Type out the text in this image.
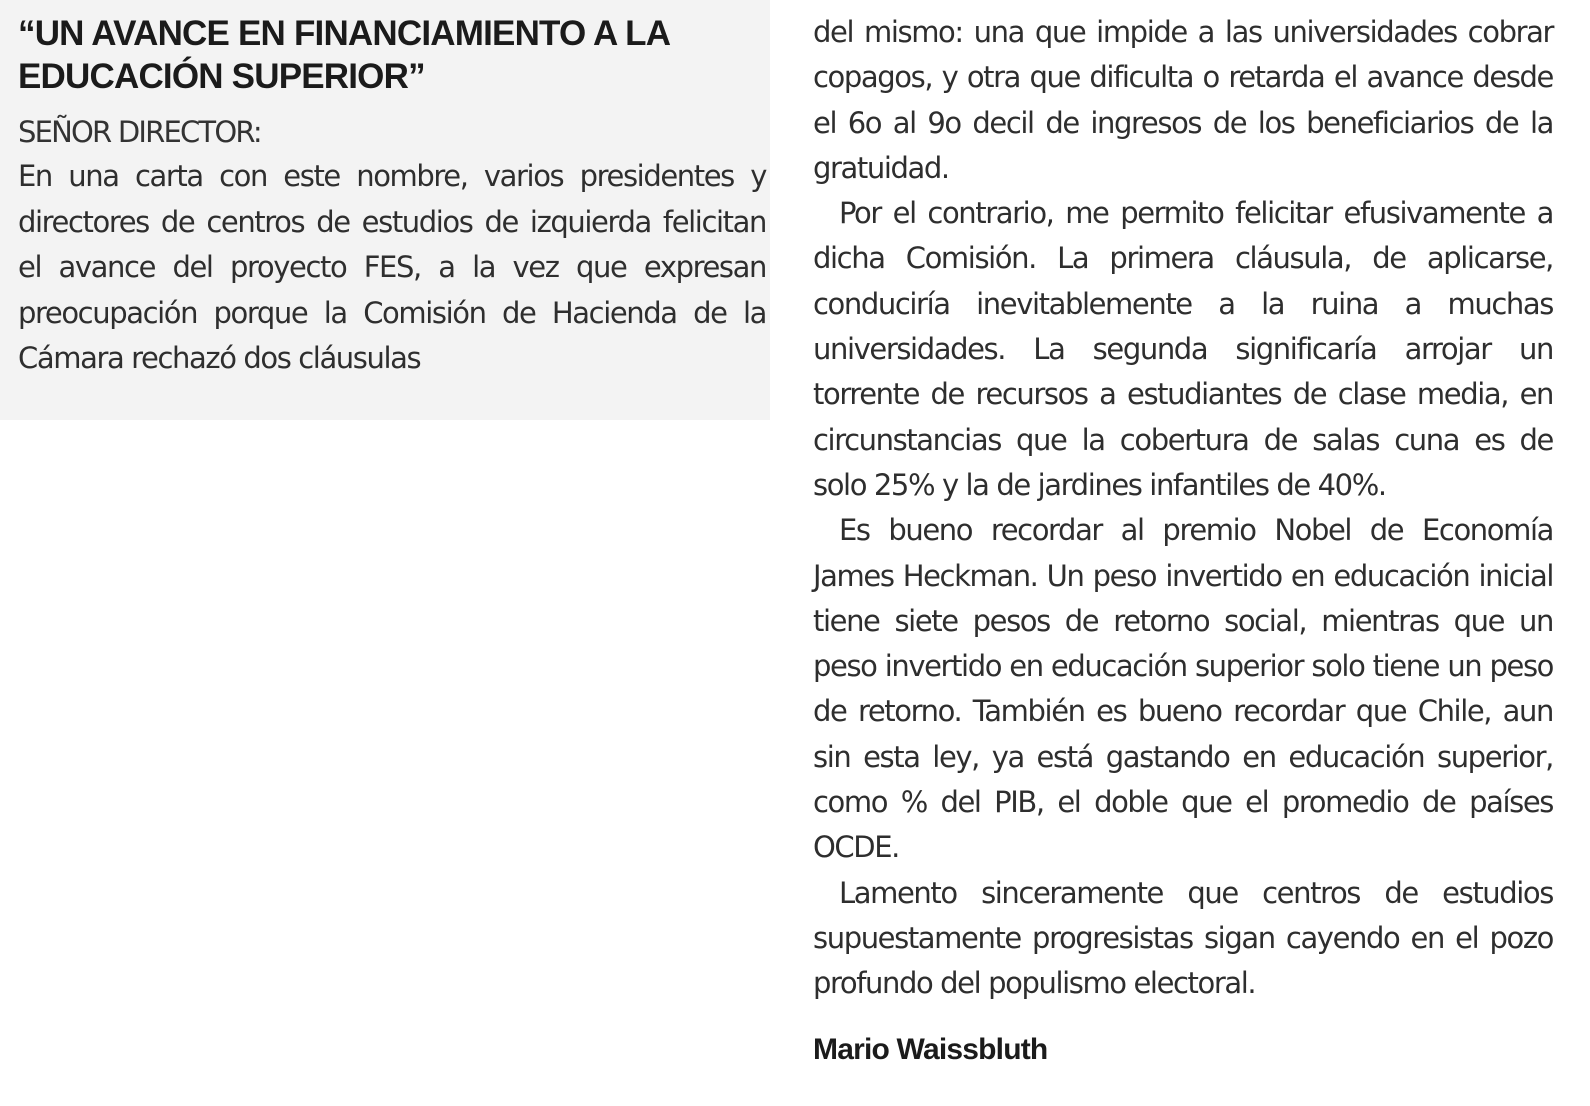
“UN AVANCE EN FINANCIAMIENTO A LA EDUCACIÓN SUPERIOR”

SEÑOR DIRECTOR:

En una carta con este nombre, varios presidentes y directores de centros de estudios de izquierda felicitan el avance del proyecto FES, a la vez que expresan preocupación porque la Comisión de Hacienda de la Cámara rechazó dos cláusulas

del mismo: una que impide a las universidades cobrar copagos, y otra que dificulta o retarda el avance desde el 6o al 9o decil de ingresos de los beneficiarios de la gratuidad.

Por el contrario, me permito felicitar efusivamente a dicha Comisión. La primera cláusula, de aplicarse, conduciría inevitablemente a la ruina a muchas universidades. La segunda significaría arrojar un torrente de recursos a estudiantes de clase media, en circunstancias que la cobertura de salas cuna es de solo 25% y la de jardines infantiles de 40%.

Es bueno recordar al premio Nobel de Economía James Heckman. Un peso invertido en educación inicial tiene siete pesos de retorno social, mientras que un peso invertido en educación superior solo tiene un peso de retorno. También es bueno recordar que Chile, aun sin esta ley, ya está gastando en educación superior, como % del PIB, el doble que el promedio de países OCDE.

Lamento sinceramente que centros de estudios supuestamente progresistas sigan cayendo en el pozo profundo del populismo electoral.

Mario Waissbluth
